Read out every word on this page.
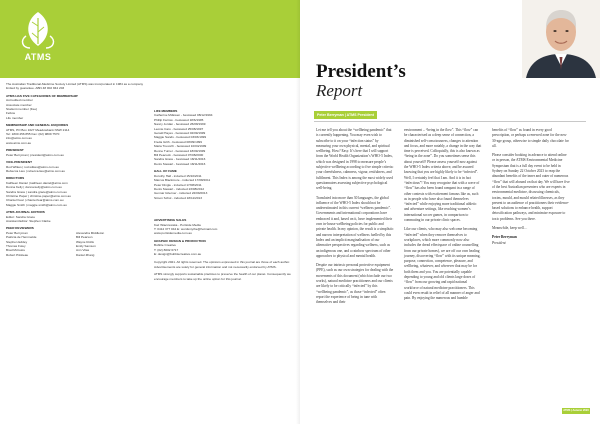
ATMS
The Australian Traditional-Medicine Society Limited (ATMS) was incorporated in 1984 as a company limited by guarantee. ABN 48 002 844 203
ATMS HAS FIVE CATEGORIES OF MEMBERSHIP
Accredited member
Associate member
Student member (free)
Fellow
Life member
MEMBERSHIP AND GENERAL ENQUIRIES
ATMS, PO Box 1027 Meadowbank NSW 2114
Tel: 1800 456 855 Fax: (02) 9809 7570
info@atms.com.au
www.atms.com.au
PRESIDENT
Peter Berryman | president@atms.com.au
VICE-PRESIDENT
Rod Wilkes | rod.wilkes@atms.com.au
Rebecca Lieu | rebecca.lieu@atms.com.au
DIRECTORS
Kathleen Daniel | kathleen.daniel@atms.com
Donna Kelly | donna.kelly@atms.com.au
Sandra Grace | sandra.grace@atms.com.au
Christine Paper | christine.paper@atms.com.au
Chantel Fear | chantel.fear@atms.com.au
Maggie Smith | maggie.smith@atms.com.au
ATMS JOURNAL EDITORS
Editor: Sandra Grace
Assistant Editor: Stephen Clarke
PEER REVIEWERS
Peter Berryman
Patricia de Hemmelde
Stephen Eddey
Thomas Foley
Brad McGuire
Robert Pilotteau
Alexandra Middleton
Bill Pearson
Wayne Rollis
Emily Samson
Ann Vitas
Daniel Zhang
LIFE MEMBERS
Catherine McEwen - bestowed 08/12/1994
Phillip Farrow - bestowed 18/6/1995
Nancy Jordan - bestowed 26/08/1999
Leonie Caro - bestowed 25/08/1997
Gerald Hayes - bestowed 02/09/1999
Maggie Sands - bestowed 03/03/1999
Freda Grith - bestowed 08/09/1999
Maria Trevorth - bestowed 10/04/1999
Renne Turner - bestowed 18/09/1999
Bill Peacock - bestowed 07/08/2000
Sandra Grace - bestowed 18/11/2016
Denis Stewart - bestowed 18/11/2016
HALL OF FAME
Dorothy Hall - inducted 15/10/2011
Marcus Blackmore - inducted 17/08/2011
Peter Dingle - inducted 17/08/2011
Denis Stewart - inducted 23/08/2012
Gunnar Isberner - inducted 22/09/2013
Simon Schol - inducted 18/11/2013
ADVERTISING SALES
Kaz Wiaczewska - Portside Media
T: 0414 377 044 E: wordsmythe@hotmail.com
www.portsidemedia.com.au
GRAPHIC DESIGN & PRODUCTION
Bubble Creative
T: (02) 8002 6717
E: design@bubblecreative.com.au
Copyright 2021. All rights reserved. The opinions expressed in this journal are those of each author. Advertisements are solely for general information and not necessarily endorsed by ATMS.
ATMS strongly supports sustainable practices to preserve the health of our planet. Consequently we encourage members to take up the online option for this journal.
President’s
Report
Peter Berryman | ATMS President

Let me tell you about the “wellbeing pandemic” that is currently happening. You may even wish to subscribe to it on your “infection status” by measuring your own physical, mental, and spiritual wellbeing. How? Easy. It’s here that I will support from the World Health Organization’s WHO-5 Index, which was designed in 1998 to measure people’s subjective wellbeing according to five simple criteria: your cheerfulness, calmness, vigour, restfulness, and fulfilment. This Index is among the most widely used questionnaires assessing subjective psychological well-being.

Translated into more than 30 languages, the global influence of the WHO-5 Index should not be underestimated in this current “wellness pandemic”. Governments and international corporations have embraced it and, based on it, have implemented their own in-house wellbeing policies for public and private health. In my opinion, the result is a simplistic and narrow interpretation of wellness fuelled by this Index and an implicit marginalisation of our alternative perspectives regarding wellness, such as an indigenous one, and a rainbow spectrum of other approaches to physical and mental health.

Despite our intrinsic personal protective equipment (PPE), such as our own strategies for dealing with the movements of this document (which include our two works), natural medicine practitioners and our clients are likely to be critically “infected” by this “wellbeing pandemic”, as those “infected” often report the experience of being in tune with themselves and their

environment – “being in the flow”. This “flow” can be characterised as a deep sense of connection, a diminished self-consciousness, changes to attention and focus, and more notably, a change in the way that time is perceived. Colloquially, this is also known as “being in the zone”. Do you sometimes sense this about yourself? Please assess yourself now against the WHO-5 Index criteria above, and be assured knowing that you are highly likely to be “infected”. Well, I certainly feel that I am. And it is in fact “infectious”! You may recognise that with a wave of “flow” has also been found rampant in a range of other contexts with excitement famous like us, such as in people who have also found themselves “infected” while enjoying more traditional athletic and adventure settings, like reaching women’s international soccer games, in comparison to commuting in our private clinic spaces.

Like our clients, who may also welcome becoming “infected” when they remove themselves to workplaces, which more commonly now also includes the dread effectspace of online counselling from our private homes), we are off our own healing journey, discovering “flow” with its unique meaning, purpose, connection, competence, pleasure, and wellbeing, whatever, and wherever that may be for both them and you. You are potentially capable depending to young and old clients large doses of “flow” from our growing and rapid national workforce of natural medicine practitioners. This could even result in relief of all manner of anger and pain. By enjoying the numerous and humble

benefits of “flow” as found in every good prescription, or perhaps a renewed zone for the new 30-age group, otherwise to simple daily chocolate for all.

Please consider booking in advance to attend online or in person, the ATMS Environmental Medicine Symposium that is a full day event to be held in Sydney on Sunday 22 October 2023 to reap the abundant benefits of the inner and outer of numerous “flow” that will abound on that day. We will have five of the best Australian presenters who are experts in environmental medicine, discussing chemicals, toxins, mould, and mould related illnesses, as they present to an audience of practitioners their evidence-based solutions to enhance health, support detoxification pathways, and minimise exposure to toxic problems. See you there.

Meanwhile, keep well…

Peter Berryman
President
ATMS | Autumn 2023
